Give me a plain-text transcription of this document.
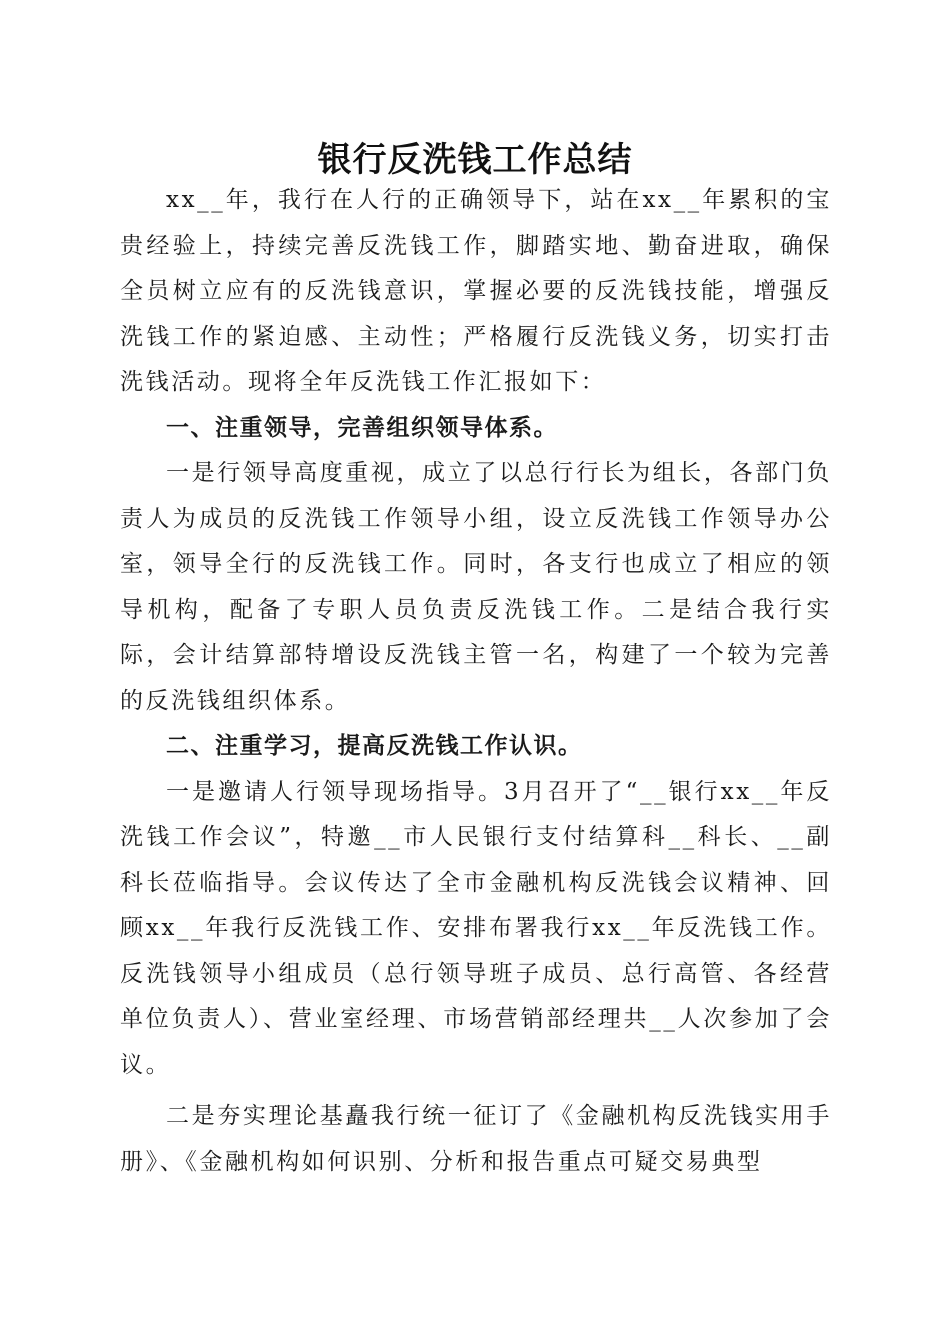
银行反洗钱工作总结

xx__年，我行在人行的正确领导下，站在xx__年累积的宝贵经验上，持续完善反洗钱工作，脚踏实地、勤奋进取，确保全员树立应有的反洗钱意识，掌握必要的反洗钱技能，增强反洗钱工作的紧迫感、主动性；严格履行反洗钱义务，切实打击洗钱活动。现将全年反洗钱工作汇报如下：

一、注重领导，完善组织领导体系。

一是行领导高度重视，成立了以总行行长为组长，各部门负责人为成员的反洗钱工作领导小组，设立反洗钱工作领导办公室，领导全行的反洗钱工作。同时，各支行也成立了相应的领导机构，配备了专职人员负责反洗钱工作。二是结合我行实际，会计结算部特增设反洗钱主管一名，构建了一个较为完善的反洗钱组织体系。

二、注重学习，提高反洗钱工作认识。

一是邀请人行领导现场指导。3月召开了“__银行xx__年反洗钱工作会议”，特邀__市人民银行支付结算科__科长、__副科长莅临指导。会议传达了全市金融机构反洗钱会议精神、回顾xx__年我行反洗钱工作、安排布署我行xx__年反洗钱工作。反洗钱领导小组成员（总行领导班子成员、总行高管、各经营单位负责人）、营业室经理、市场营销部经理共__人次参加了会议。

二是夯实理论基矗我行统一征订了《金融机构反洗钱实用手册》、《金融机构如何识别、分析和报告重点可疑交易典型
